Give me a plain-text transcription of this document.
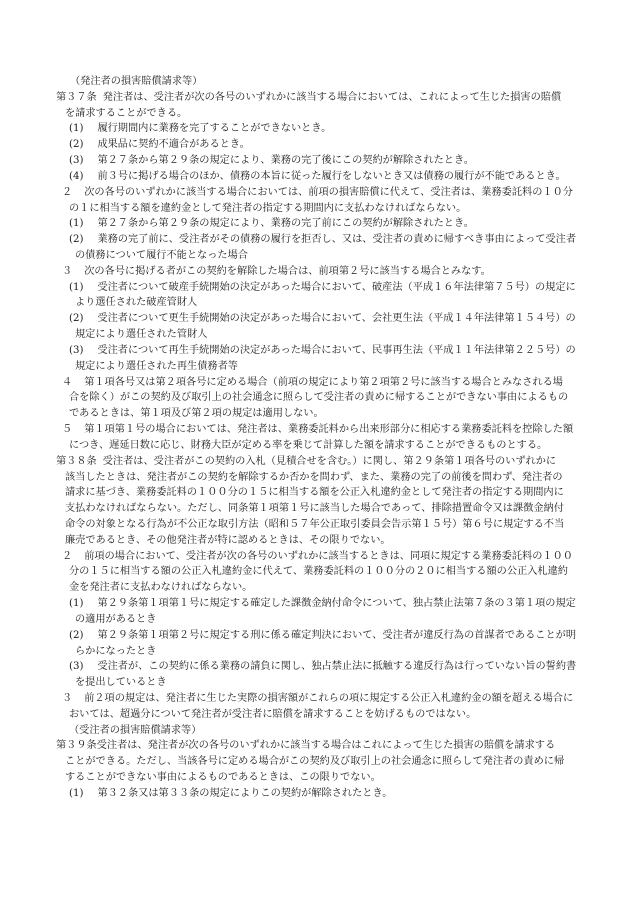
（発注者の損害賠償請求等）
第３７条 発注者は、受注者が次の各号のいずれかに該当する場合においては、これによって生じた損害の賠償
を請求することができる。
(1) 履行期間内に業務を完了することができないとき。
(2) 成果品に契約不適合があるとき。
(3) 第２７条から第２９条の規定により、業務の完了後にこの契約が解除されたとき。
(4) 前３号に掲げる場合のほか、債務の本旨に従った履行をしないとき又は債務の履行が不能であるとき。
２ 次の各号のいずれかに該当する場合においては、前項の損害賠償に代えて、受注者は、業務委託料の１０分
の１に相当する額を違約金として発注者の指定する期間内に支払わなければならない。
(1) 第２７条から第２９条の規定により、業務の完了前にこの契約が解除されたとき。
(2) 業務の完了前に、受注者がその債務の履行を拒否し、又は、受注者の責めに帰すべき事由によって受注者
の債務について履行不能となった場合
３ 次の各号に掲げる者がこの契約を解除した場合は、前項第２号に該当する場合とみなす。
(1) 受注者について破産手続開始の決定があった場合において、破産法（平成１６年法律第７５号）の規定に
より選任された破産管財人
(2) 受注者について更生手続開始の決定があった場合において、会社更生法（平成１４年法律第１５４号）の
規定により選任された管財人
(3) 受注者について再生手続開始の決定があった場合において、民事再生法（平成１１年法律第２２５号）の
規定により選任された再生債務者等
４ 第１項各号又は第２項各号に定める場合（前項の規定により第２項第２号に該当する場合とみなされる場
合を除く）がこの契約及び取引上の社会通念に照らして受注者の責めに帰することができない事由によるもの
であるときは、第１項及び第２項の規定は適用しない。
５ 第１項第１号の場合においては、発注者は、業務委託料から出来形部分に相応する業務委託料を控除した額
につき、遅延日数に応じ、財務大臣が定める率を乗じて計算した額を請求することができるものとする。
第３８条 受注者は、受注者がこの契約の入札（見積合せを含む。）に関し、第２９条第１項各号のいずれかに
該当したときは、発注者がこの契約を解除するか否かを問わず、また、業務の完了の前後を問わず、発注者の
請求に基づき、業務委託料の１００分の１５に相当する額を公正入札違約金として発注者の指定する期間内に
支払わなければならない。ただし、同条第１項第１号に該当した場合であって、排除措置命令又は課徴金納付
命令の対象となる行為が不公正な取引方法（昭和５７年公正取引委員会告示第１５号）第６号に規定する不当
廉売であるとき、その他発注者が特に認めるときは、その限りでない。
２ 前項の場合において、受注者が次の各号のいずれかに該当するときは、同項に規定する業務委託料の１００
分の１５に相当する額の公正入札違約金に代えて、業務委託料の１００分の２０に相当する額の公正入札違約
金を発注者に支払わなければならない。
(1) 第２９条第１項第１号に規定する確定した課徴金納付命令について、独占禁止法第７条の３第１項の規定
の適用があるとき
(2) 第２９条第１項第２号に規定する刑に係る確定判決において、受注者が違反行為の首謀者であることが明
らかになったとき
(3) 受注者が、この契約に係る業務の請負に関し、独占禁止法に抵触する違反行為は行っていない旨の誓約書
を提出しているとき
３ 前２項の規定は、発注者に生じた実際の損害額がこれらの項に規定する公正入札違約金の額を超える場合に
おいては、超過分について発注者が受注者に賠償を請求することを妨げるものではない。
（受注者の損害賠償請求等）
第３９条受注者は、発注者が次の各号のいずれかに該当する場合はこれによって生じた損害の賠償を請求する
ことができる。ただし、当該各号に定める場合がこの契約及び取引上の社会通念に照らして発注者の責めに帰
することができない事由によるものであるときは、この限りでない。
(1) 第３２条又は第３３条の規定によりこの契約が解除されたとき。
